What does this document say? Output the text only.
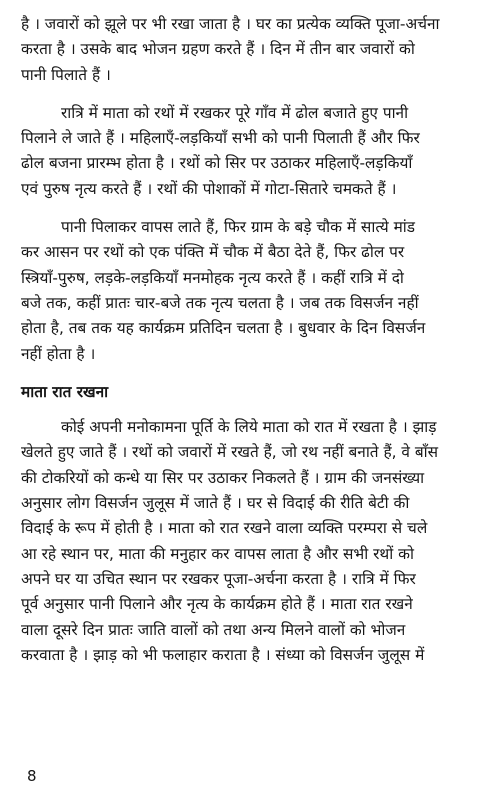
है । जवारों को झूले पर भी रखा जाता है । घर का प्रत्येक व्यक्ति पूजा-अर्चना
करता है । उसके बाद भोजन ग्रहण करते हैं । दिन में तीन बार जवारों को
पानी पिलाते हैं ।
रात्रि में माता को रथों में रखकर पूरे गाँव में ढोल बजाते हुए पानी
पिलाने ले जाते हैं । महिलाएँ-लड़कियाँ सभी को पानी पिलाती हैं और फिर
ढोल बजना प्रारम्भ होता है । रथों को सिर पर उठाकर महिलाएँ-लड़कियाँ
एवं पुरुष नृत्य करते हैं । रथों की पोशाकों में गोटा-सितारे चमकते हैं ।
पानी पिलाकर वापस लाते हैं, फिर ग्राम के बड़े चौक में सात्ये मांड
कर आसन पर रथों को एक पंक्ति में चौक में बैठा देते हैं, फिर ढोल पर
स्त्रियाँ-पुरुष, लड़के-लड़कियाँ मनमोहक नृत्य करते हैं । कहीं रात्रि में दो
बजे तक, कहीं प्रातः चार-बजे तक नृत्य चलता है । जब तक विसर्जन नहीं
होता है, तब तक यह कार्यक्रम प्रतिदिन चलता है । बुधवार के दिन विसर्जन
नहीं होता है ।
माता रात रखना
कोई अपनी मनोकामना पूर्ति के लिये माता को रात में रखता है । झाड़
खेलते हुए जाते हैं । रथों को जवारों में रखते हैं, जो रथ नहीं बनाते हैं, वे बाँस
की टोकरियों को कन्धे या सिर पर उठाकर निकलते हैं । ग्राम की जनसंख्या
अनुसार लोग विसर्जन जुलूस में जाते हैं । घर से विदाई की रीति बेटी की
विदाई के रूप में होती है । माता को रात रखने वाला व्यक्ति परम्परा से चले
आ रहे स्थान पर, माता की मनुहार कर वापस लाता है और सभी रथों को
अपने घर या उचित स्थान पर रखकर पूजा-अर्चना करता है । रात्रि में फिर
पूर्व अनुसार पानी पिलाने और नृत्य के कार्यक्रम होते हैं । माता रात रखने
वाला दूसरे दिन प्रातः जाति वालों को तथा अन्य मिलने वालों को भोजन
करवाता है । झाड़ को भी फलाहार कराता है । संध्या को विसर्जन जुलूस में
8
